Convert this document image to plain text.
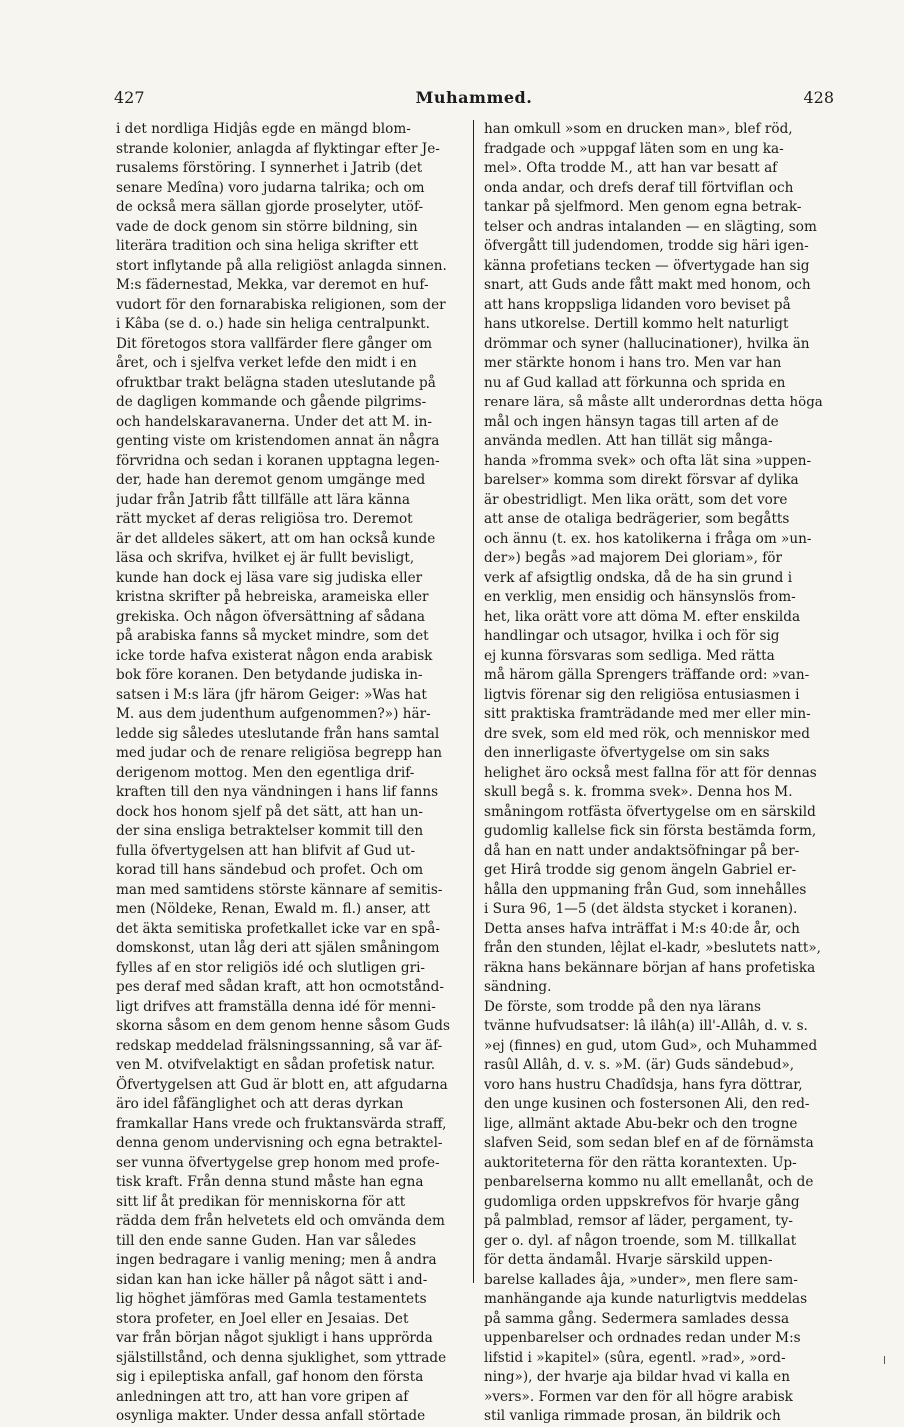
427	Muhammed.	428
i det nordliga Hidjâs egde en mängd blom-
strande kolonier, anlagda af flyktingar efter Je-
rusalems förstöring. I synnerhet i Jatrib (det
senare Medîna) voro judarna talrika; och om
de också mera sällan gjorde proselyter, utöf-
vade de dock genom sin större bildning, sin
literära tradition och sina heliga skrifter ett
stort inflytande på alla religiöst anlagda sinnen.
M:s fädernestad, Mekka, var deremot en huf-
vudort för den fornarabiska religionen, som der
i Kâba (se d. o.) hade sin heliga centralpunkt.
Dit företogos stora vallfärder flere gånger om
året, och i sjelfva verket lefde den midt i en
ofruktbar trakt belägna staden uteslutande på
de dagligen kommande och gående pilgrims-
och handelskaravanerna. Under det att M. in-
genting viste om kristendomen annat än några
förvridna och sedan i koranen upptagna legen-
der, hade han deremot genom umgänge med
judar från Jatrib fått tillfälle att lära känna
rätt mycket af deras religiösa tro. Deremot
är det alldeles säkert, att om han också kunde
läsa och skrifva, hvilket ej är fullt bevisligt,
kunde han dock ej läsa vare sig judiska eller
kristna skrifter på hebreiska, arameiska eller
grekiska. Och någon öfversättning af sådana
på arabiska fanns så mycket mindre, som det
icke torde hafva existerat någon enda arabisk
bok före koranen. Den betydande judiska in-
satsen i M:s lära (jfr härom Geiger: »Was hat
M. aus dem judenthum aufgenommen?») här-
ledde sig således uteslutande från hans samtal
med judar och de renare religiösa begrepp han
derigenom mottog. Men den egentliga drif-
kraften till den nya vändningen i hans lif fanns
dock hos honom sjelf på det sätt, att han un-
der sina ensliga betraktelser kommit till den
fulla öfvertygelsen att han blifvit af Gud ut-
korad till hans sändebud och profet. Och om
man med samtidens störste kännare af semitis-
men (Nöldeke, Renan, Ewald m. fl.) anser, att
det äkta semitiska profetkallet icke var en spå-
domskonst, utan låg deri att själen småningom
fylles af en stor religiös idé och slutligen gri-
pes deraf med sådan kraft, att hon ocmotstånd-
ligt drifves att framställa denna idé för menni-
skorna såsom en dem genom henne såsom Guds
redskap meddelad frälsningssanning, så var äf-
ven M. otvifvelaktigt en sådan profetisk natur.
Öfvertygelsen att Gud är blott en, att afgudarna
äro idel fåfänglighet och att deras dyrkan
framkallar Hans vrede och fruktansvärda straff,
denna genom undervisning och egna betraktel-
ser vunna öfvertygelse grep honom med profe-
tisk kraft. Från denna stund måste han egna
sitt lif åt predikan för menniskorna för att
rädda dem från helvetets eld och omvända dem
till den ende sanne Guden. Han var således
ingen bedragare i vanlig mening; men å andra
sidan kan han icke häller på något sätt i and-
lig höghet jämföras med Gamla testamentets
stora profeter, en Joel eller en Jesaias. Det
var från början något sjukligt i hans upprörda
själstillstånd, och denna sjuklighet, som yttrade
sig i epileptiska anfall, gaf honom den första
anledningen att tro, att han vore gripen af
osynliga makter. Under dessa anfall störtade
han omkull »som en drucken man», blef röd,
fradgade och »uppgaf läten som en ung ka-
mel». Ofta trodde M., att han var besatt af
onda andar, och drefs deraf till förtviflan och
tankar på sjelfmord. Men genom egna betrak-
telser och andras intalanden — en slägting, som
öfvergått till judendomen, trodde sig häri igen-
känna profetians tecken — öfvertygade han sig
snart, att Guds ande fått makt med honom, och
att hans kroppsliga lidanden voro beviset på
hans utkorelse. Dertill kommo helt naturligt
drömmar och syner (hallucinationer), hvilka än
mer stärkte honom i hans tro. Men var han
nu af Gud kallad att förkunna och sprida en
renare lära, så måste allt underordnas detta höga
mål och ingen hänsyn tagas till arten af de
använda medlen. Att han tillät sig många-
handa »fromma svek» och ofta lät sina »uppen-
barelser» komma som direkt försvar af dylika
är obestridligt. Men lika orätt, som det vore
att anse de otaliga bedrägerier, som begåtts
och ännu (t. ex. hos katolikerna i fråga om »un-
der») begås »ad majorem Dei gloriam», för
verk af afsigtlig ondska, då de ha sin grund i
en verklig, men ensidig och hänsynslös from-
het, lika orätt vore att döma M. efter enskilda
handlingar och utsagor, hvilka i och för sig
ej kunna försvaras som sedliga. Med rätta
må härom gälla Sprengers träffande ord: »van-
ligtvis förenar sig den religiösa entusiasmen i
sitt praktiska framträdande med mer eller min-
dre svek, som eld med rök, och menniskor med
den innerligaste öfvertygelse om sin saks
helighet äro också mest fallna för att för dennas
skull begå s. k. fromma svek». Denna hos M.
småningom rotfästa öfvertygelse om en särskild
gudomlig kallelse fick sin första bestämda form,
då han en natt under andaktsöfningar på ber-
get Hirâ trodde sig genom ängeln Gabriel er-
hålla den uppmaning från Gud, som innehålles
i Sura 96, 1—5 (det äldsta stycket i koranen).
Detta anses hafva inträffat i M:s 40:de år, och
från den stunden, lêjlat el-kadr, »beslutets natt»,
räkna hans bekännare början af hans profetiska
sändning.
De förste, som trodde på den nya lärans
tvänne hufvudsatser: lâ ilâh(a) ill'-Allâh, d. v. s.
»ej (finnes) en gud, utom Gud», och Muhammed
rasûl Allâh, d. v. s. »M. (är) Guds sändebud»,
voro hans hustru Chadîdsja, hans fyra döttrar,
den unge kusinen och fostersonen Ali, den red-
lige, allmänt aktade Abu-bekr och den trogne
slafven Seid, som sedan blef en af de förnämsta
auktoriteterna för den rätta korantexten. Up-
penbarelserna kommo nu allt emellanåt, och de
gudomliga orden uppskrefvos för hvarje gång
på palmblad, remsor af läder, pergament, ty-
ger o. dyl. af någon troende, som M. tillkallat
för detta ändamål. Hvarje särskild uppen-
barelse kallades âja, »under», men flere sam-
manhängande aja kunde naturligtvis meddelas
på samma gång. Sedermera samlades dessa
uppenbarelser och ordnades redan under M:s
lifstid i »kapitel» (sûra, egentl. »rad», »ord-
ning»), der hvarje aja bildar hvad vi kalla en
»vers». Formen var den för all högre arabisk
stil vanliga rimmade prosan, än bildrik och
